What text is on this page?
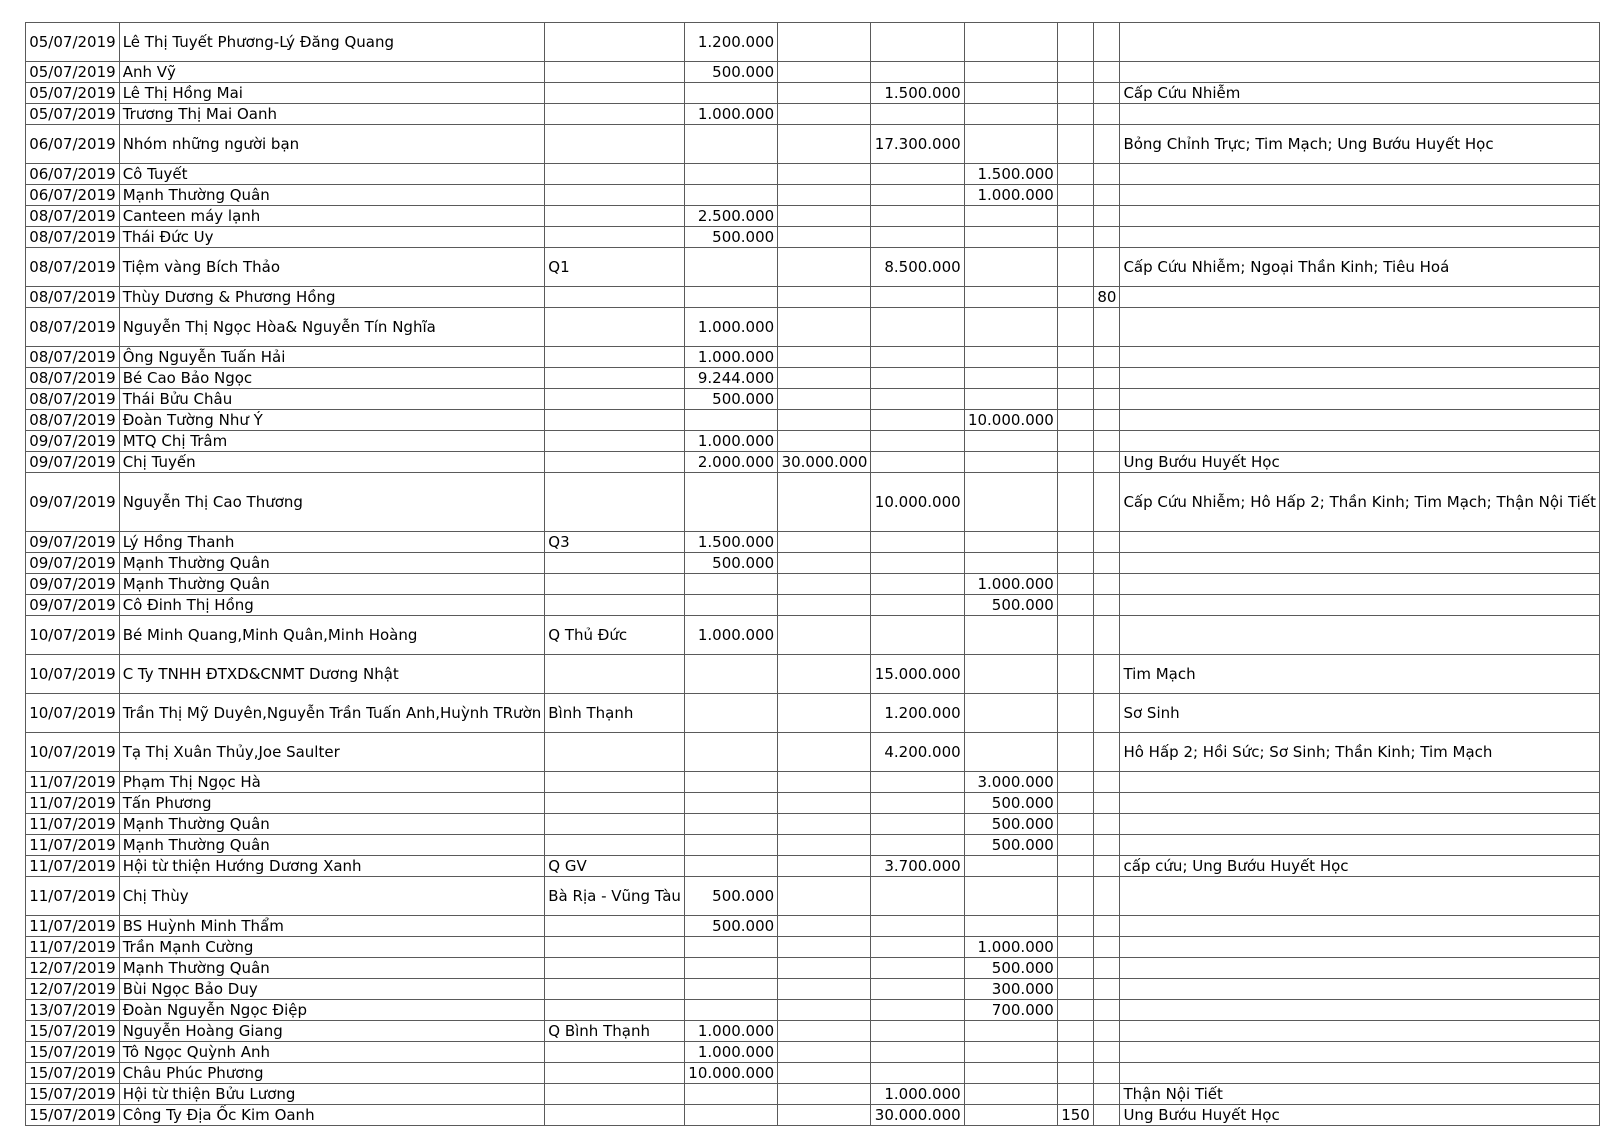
05/07/2019	Lê Thị Tuyết Phương-Lý Đăng Quang		1.200.000						
05/07/2019	Anh Vỹ		500.000						
05/07/2019	Lê Thị Hồng Mai				1.500.000				Cấp Cứu Nhiễm
05/07/2019	Trương Thị Mai Oanh		1.000.000						
06/07/2019	Nhóm những người bạn				17.300.000				Bỏng Chỉnh Trực; Tim Mạch; Ung Bướu Huyết Học
06/07/2019	Cô Tuyết					1.500.000			
06/07/2019	Mạnh Thường Quân					1.000.000			
08/07/2019	Canteen máy lạnh		2.500.000						
08/07/2019	Thái Đức Uy		500.000						
08/07/2019	Tiệm vàng Bích Thảo	Q1			8.500.000				Cấp Cứu Nhiễm; Ngoại Thần Kinh; Tiêu Hoá
08/07/2019	Thùy Dương & Phương Hồng							80	
08/07/2019	Nguyễn Thị Ngọc Hòa& Nguyễn Tín Nghĩa		1.000.000						
08/07/2019	Ông Nguyễn Tuấn Hải		1.000.000						
08/07/2019	Bé Cao Bảo Ngọc		9.244.000						
08/07/2019	Thái Bửu Châu		500.000						
08/07/2019	Đoàn Tường Như Ý					10.000.000			
09/07/2019	MTQ Chị Trâm		1.000.000						
09/07/2019	Chị Tuyến		2.000.000	30.000.000					Ung Bướu Huyết Học
09/07/2019	Nguyễn Thị Cao Thương				10.000.000				Cấp Cứu Nhiễm; Hô Hấp 2; Thần Kinh; Tim Mạch; Thận Nội Tiết
09/07/2019	Lý Hồng Thanh	Q3	1.500.000						
09/07/2019	Mạnh Thường Quân		500.000						
09/07/2019	Mạnh Thường Quân					1.000.000			
09/07/2019	Cô Đinh Thị Hồng					500.000			
10/07/2019	Bé Minh Quang,Minh Quân,Minh Hoàng	Q Thủ Đức	1.000.000						
10/07/2019	C Ty TNHH ĐTXD&CNMT Dương Nhật				15.000.000				Tim Mạch
10/07/2019	Trần Thị Mỹ Duyên,Nguyễn Trần Tuấn Anh,Huỳnh TRườn	Bình Thạnh			1.200.000				Sơ Sinh
10/07/2019	Tạ Thị Xuân Thủy,Joe Saulter				4.200.000				Hô Hấp 2; Hồi Sức; Sơ Sinh; Thần Kinh; Tim Mạch
11/07/2019	Phạm Thị Ngọc Hà					3.000.000			
11/07/2019	Tấn Phương					500.000			
11/07/2019	Mạnh Thường Quân					500.000			
11/07/2019	Mạnh Thường Quân					500.000			
11/07/2019	Hội từ thiện Hướng Dương Xanh	Q GV			3.700.000				cấp cứu; Ung Bướu Huyết Học
11/07/2019	Chị Thùy	Bà Rịa - Vũng Tàu	500.000						
11/07/2019	BS Huỳnh Minh Thẩm		500.000						
11/07/2019	Trần Mạnh Cường					1.000.000			
12/07/2019	Mạnh Thường Quân					500.000			
12/07/2019	Bùi Ngọc Bảo Duy					300.000			
13/07/2019	Đoàn Nguyễn Ngọc Điệp					700.000			
15/07/2019	Nguyễn Hoàng Giang	Q Bình Thạnh	1.000.000						
15/07/2019	Tô Ngọc Quỳnh Anh		1.000.000						
15/07/2019	Châu Phúc Phương		10.000.000						
15/07/2019	Hội từ thiện Bửu Lương				1.000.000				Thận Nội Tiết
15/07/2019	Công Ty Địa Ốc Kim Oanh				30.000.000		150		Ung Bướu Huyết Học
